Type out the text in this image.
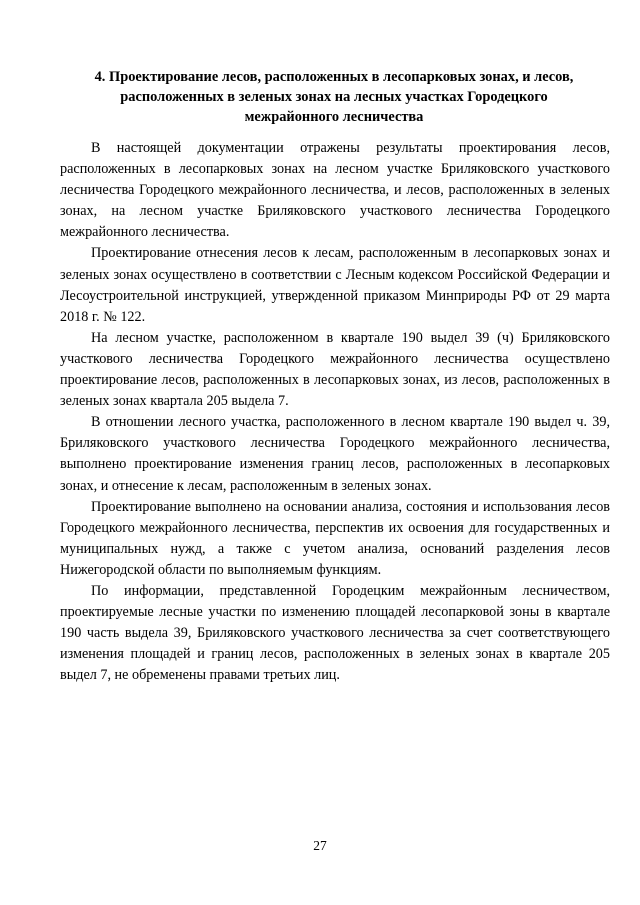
4. Проектирование лесов, расположенных в лесопарковых зонах, и лесов,
расположенных в зеленых зонах на лесных участках Городецкого
межрайонного лесничества

В настоящей документации отражены результаты проектирования лесов, расположенных в лесопарковых зонах на лесном участке Бриляковского участкового лесничества Городецкого межрайонного лесничества, и лесов, расположенных в зеленых зонах, на лесном участке Бриляковского участкового лесничества Городецкого межрайонного лесничества.

Проектирование отнесения лесов к лесам, расположенным в лесопарковых зонах и зеленых зонах осуществлено в соответствии с Лесным кодексом Российской Федерации и Лесоустроительной инструкцией, утвержденной приказом Минприроды РФ от 29 марта 2018 г. № 122.

На лесном участке, расположенном в квартале 190 выдел 39 (ч) Бриляковского участкового лесничества Городецкого межрайонного лесничества осуществлено проектирование лесов, расположенных в лесопарковых зонах, из лесов, расположенных в зеленых зонах квартала 205 выдела 7.

В отношении лесного участка, расположенного в лесном квартале 190 выдел ч. 39, Бриляковского участкового лесничества Городецкого межрайонного лесничества, выполнено проектирование изменения границ лесов, расположенных в лесопарковых зонах, и отнесение к лесам, расположенным в зеленых зонах.

Проектирование выполнено на основании анализа, состояния и использования лесов Городецкого межрайонного лесничества, перспектив их освоения для государственных и муниципальных нужд, а также с учетом анализа, оснований разделения лесов Нижегородской области по выполняемым функциям.

По информации, представленной Городецким межрайонным лесничеством, проектируемые лесные участки по изменению площадей лесопарковой зоны в квартале 190 часть выдела 39, Бриляковского участкового лесничества за счет соответствующего изменения площадей и границ лесов, расположенных в зеленых зонах в квартале 205 выдел 7, не обременены правами третьих лиц.

27
